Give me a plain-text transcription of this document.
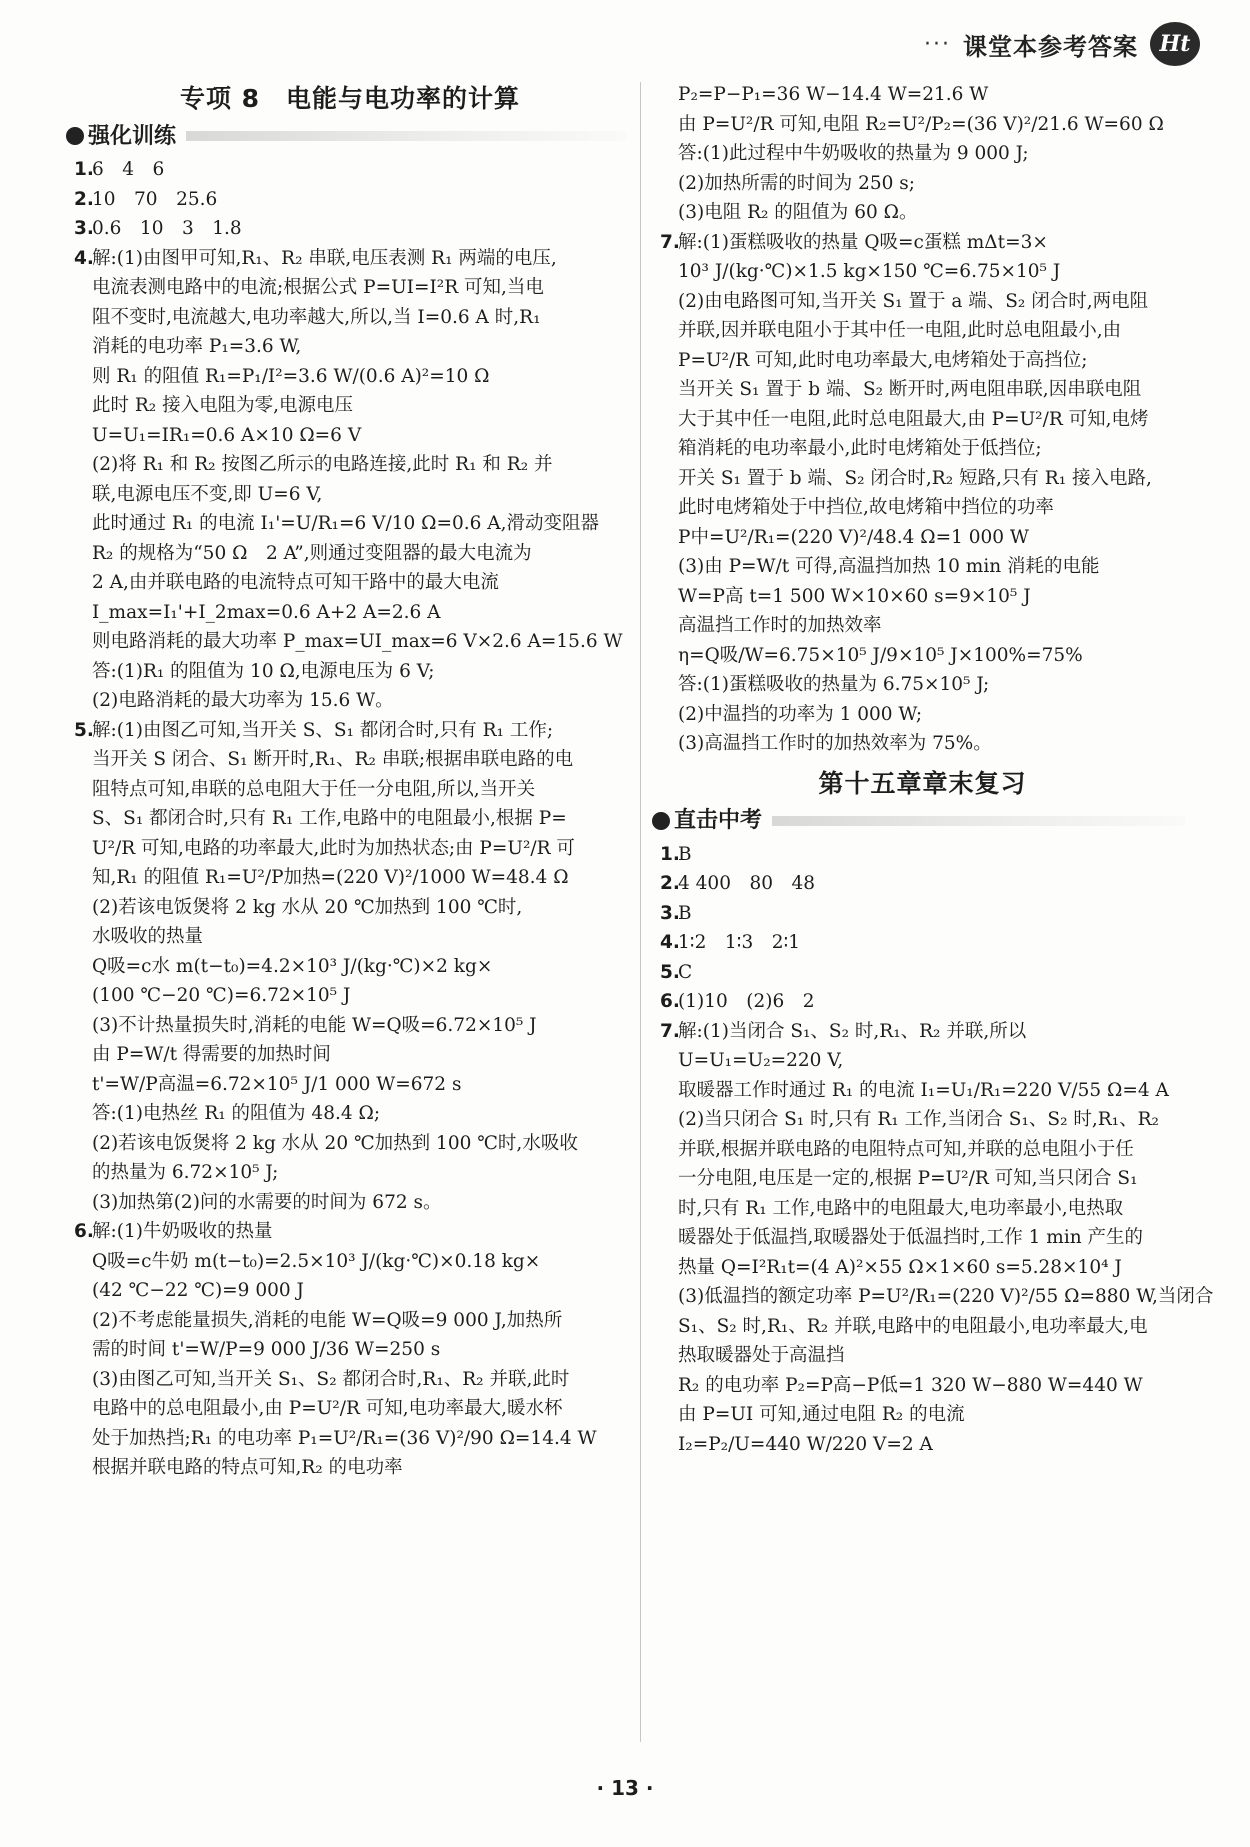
··· 课堂本参考答案 Ht
专项 8　电能与电功率的计算
强化训练
1.6　4　6
2.10　70　25.6
3.0.6　10　3　1.8
4.解:(1)由图甲可知,R₁、R₂ 串联,电压表测 R₁ 两端的电压,
电流表测电路中的电流;根据公式 P=UI=I²R 可知,当电
阻不变时,电流越大,电功率越大,所以,当 I=0.6 A 时,R₁
消耗的电功率 P₁=3.6 W,
则 R₁ 的阻值 R₁=P₁/I²=3.6 W/(0.6 A)²=10 Ω
此时 R₂ 接入电阻为零,电源电压
U=U₁=IR₁=0.6 A×10 Ω=6 V
(2)将 R₁ 和 R₂ 按图乙所示的电路连接,此时 R₁ 和 R₂ 并
联,电源电压不变,即 U=6 V,
此时通过 R₁ 的电流 I₁'=U/R₁=6 V/10 Ω=0.6 A,滑动变阻器
R₂ 的规格为“50 Ω　2 A”,则通过变阻器的最大电流为
2 A,由并联电路的电流特点可知干路中的最大电流
I_max=I₁'+I_2max=0.6 A+2 A=2.6 A
则电路消耗的最大功率 P_max=UI_max=6 V×2.6 A=15.6 W
答:(1)R₁ 的阻值为 10 Ω,电源电压为 6 V;
(2)电路消耗的最大功率为 15.6 W。
5.解:(1)由图乙可知,当开关 S、S₁ 都闭合时,只有 R₁ 工作;
当开关 S 闭合、S₁ 断开时,R₁、R₂ 串联;根据串联电路的电
阻特点可知,串联的总电阻大于任一分电阻,所以,当开关
S、S₁ 都闭合时,只有 R₁ 工作,电路中的电阻最小,根据 P=
U²/R 可知,电路的功率最大,此时为加热状态;由 P=U²/R 可
知,R₁ 的阻值 R₁=U²/P加热=(220 V)²/1000 W=48.4 Ω
(2)若该电饭煲将 2 kg 水从 20 ℃加热到 100 ℃时,
水吸收的热量
Q吸=c水 m(t−t₀)=4.2×10³ J/(kg·℃)×2 kg×
(100 ℃−20 ℃)=6.72×10⁵ J
(3)不计热量损失时,消耗的电能 W=Q吸=6.72×10⁵ J
由 P=W/t 得需要的加热时间
t'=W/P高温=6.72×10⁵ J/1 000 W=672 s
答:(1)电热丝 R₁ 的阻值为 48.4 Ω;
(2)若该电饭煲将 2 kg 水从 20 ℃加热到 100 ℃时,水吸收
的热量为 6.72×10⁵ J;
(3)加热第(2)问的水需要的时间为 672 s。
6.解:(1)牛奶吸收的热量
Q吸=c牛奶 m(t−t₀)=2.5×10³ J/(kg·℃)×0.18 kg×
(42 ℃−22 ℃)=9 000 J
(2)不考虑能量损失,消耗的电能 W=Q吸=9 000 J,加热所
需的时间 t'=W/P=9 000 J/36 W=250 s
(3)由图乙可知,当开关 S₁、S₂ 都闭合时,R₁、R₂ 并联,此时
电路中的总电阻最小,由 P=U²/R 可知,电功率最大,暖水杯
处于加热挡;R₁ 的电功率 P₁=U²/R₁=(36 V)²/90 Ω=14.4 W
根据并联电路的特点可知,R₂ 的电功率
P₂=P−P₁=36 W−14.4 W=21.6 W
由 P=U²/R 可知,电阻 R₂=U²/P₂=(36 V)²/21.6 W=60 Ω
答:(1)此过程中牛奶吸收的热量为 9 000 J;
(2)加热所需的时间为 250 s;
(3)电阻 R₂ 的阻值为 60 Ω。
7.解:(1)蛋糕吸收的热量 Q吸=c蛋糕 mΔt=3×
10³ J/(kg·℃)×1.5 kg×150 ℃=6.75×10⁵ J
(2)由电路图可知,当开关 S₁ 置于 a 端、S₂ 闭合时,两电阻
并联,因并联电阻小于其中任一电阻,此时总电阻最小,由
P=U²/R 可知,此时电功率最大,电烤箱处于高挡位;
当开关 S₁ 置于 b 端、S₂ 断开时,两电阻串联,因串联电阻
大于其中任一电阻,此时总电阻最大,由 P=U²/R 可知,电烤
箱消耗的电功率最小,此时电烤箱处于低挡位;
开关 S₁ 置于 b 端、S₂ 闭合时,R₂ 短路,只有 R₁ 接入电路,
此时电烤箱处于中挡位,故电烤箱中挡位的功率
P中=U²/R₁=(220 V)²/48.4 Ω=1 000 W
(3)由 P=W/t 可得,高温挡加热 10 min 消耗的电能
W=P高 t=1 500 W×10×60 s=9×10⁵ J
高温挡工作时的加热效率
η=Q吸/W=6.75×10⁵ J/9×10⁵ J×100%=75%
答:(1)蛋糕吸收的热量为 6.75×10⁵ J;
(2)中温挡的功率为 1 000 W;
(3)高温挡工作时的加热效率为 75%。
第十五章章末复习
直击中考
1.B
2.4 400　80　48
3.B
4.1∶2　1∶3　2∶1
5.C
6.(1)10　(2)6　2
7.解:(1)当闭合 S₁、S₂ 时,R₁、R₂ 并联,所以
U=U₁=U₂=220 V,
取暖器工作时通过 R₁ 的电流 I₁=U₁/R₁=220 V/55 Ω=4 A
(2)当只闭合 S₁ 时,只有 R₁ 工作,当闭合 S₁、S₂ 时,R₁、R₂
并联,根据并联电路的电阻特点可知,并联的总电阻小于任
一分电阻,电压是一定的,根据 P=U²/R 可知,当只闭合 S₁
时,只有 R₁ 工作,电路中的电阻最大,电功率最小,电热取
暖器处于低温挡,取暖器处于低温挡时,工作 1 min 产生的
热量 Q=I²R₁t=(4 A)²×55 Ω×1×60 s=5.28×10⁴ J
(3)低温挡的额定功率 P=U²/R₁=(220 V)²/55 Ω=880 W,当闭合
S₁、S₂ 时,R₁、R₂ 并联,电路中的电阻最小,电功率最大,电
热取暖器处于高温挡
R₂ 的电功率 P₂=P高−P低=1 320 W−880 W=440 W
由 P=UI 可知,通过电阻 R₂ 的电流
I₂=P₂/U=440 W/220 V=2 A
· 13 ·
